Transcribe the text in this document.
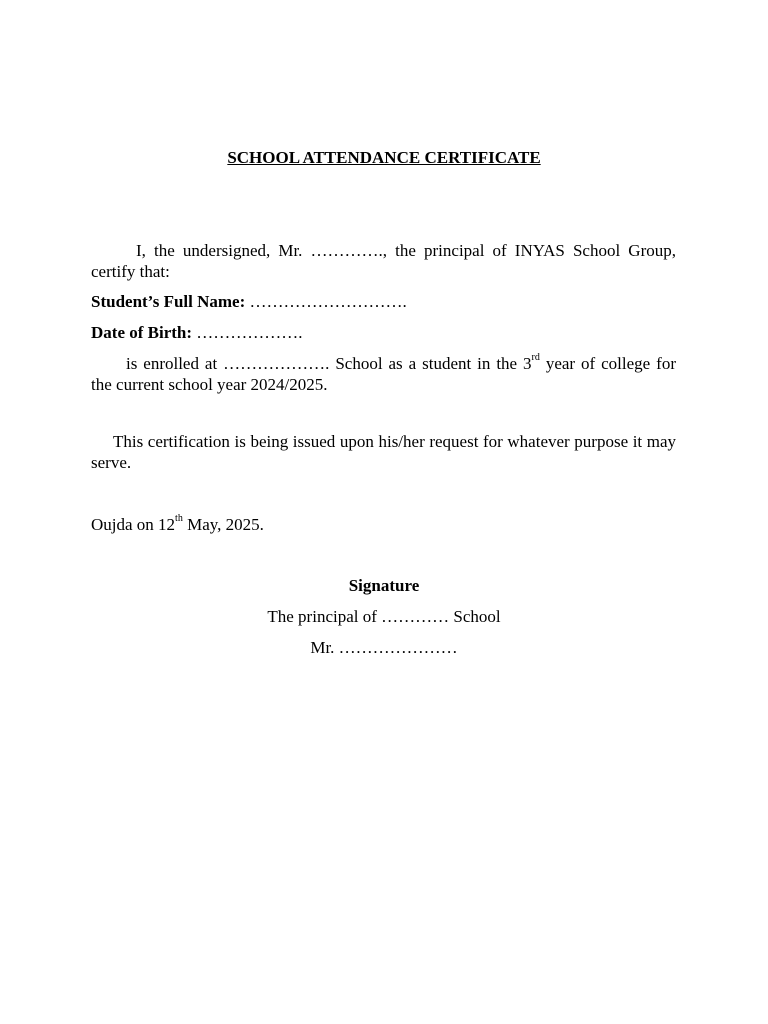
SCHOOL ATTENDANCE CERTIFICATE
I, the undersigned, Mr. …………., the principal of INYAS School Group, certify that:
Student’s Full Name: ……………………….
Date of Birth: ……………….
is enrolled at ………………. School as a student in the 3rd year of college for the current school year 2024/2025.
This certification is being issued upon his/her request for whatever purpose it may serve.
Oujda on 12th May, 2025.
Signature
The principal of ………… School
Mr. …………………
